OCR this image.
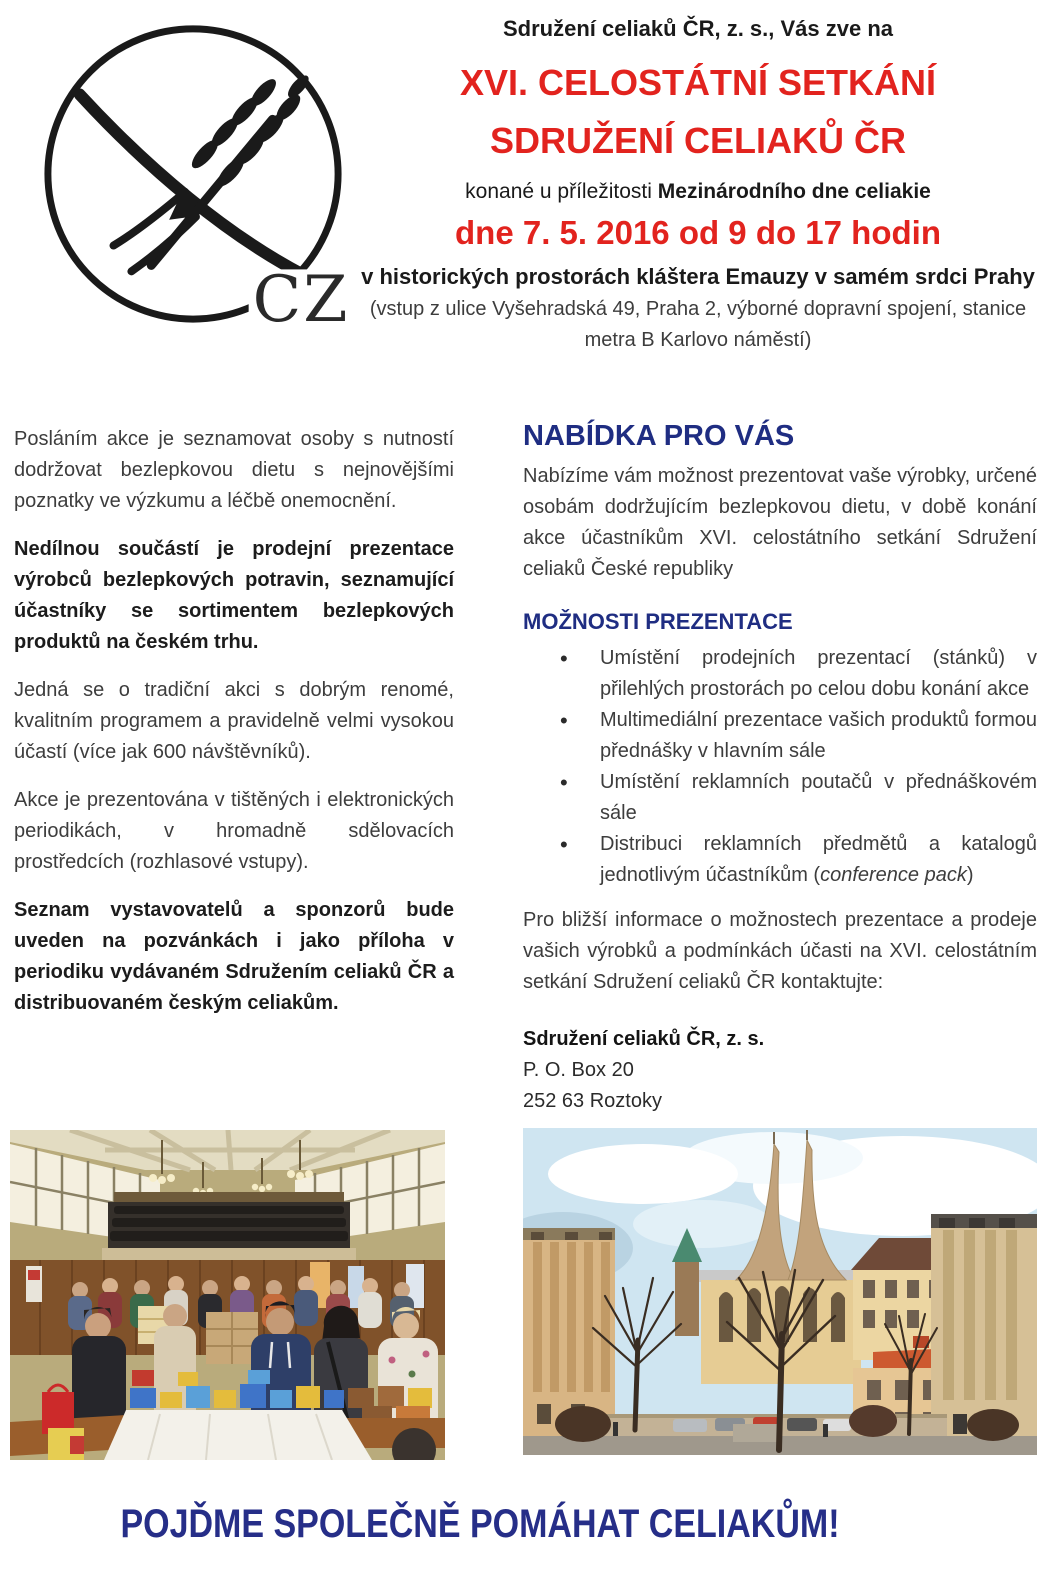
CZ
Sdružení celiaků ČR, z. s., Vás zve na
XVI. CELOSTÁTNÍ SETKÁNÍ
SDRUŽENÍ CELIAKŮ ČR
konané u příležitosti Mezinárodního dne celiakie
dne 7. 5. 2016 od 9 do 17 hodin
v historických prostorách kláštera Emauzy v samém srdci Prahy
(vstup z ulice Vyšehradská 49, Praha 2, výborné dopravní spojení, stanice metra B Karlovo náměstí)

Posláním akce je seznamovat osoby s nutností dodržovat bezlepkovou dietu s nejnovějšími poznatky ve výzkumu a léčbě onemocnění.

Nedílnou součástí je prodejní prezentace výrobců bezlepkových potravin, seznamující účastníky se sortimentem bezlepkových produktů na českém trhu.

Jedná se o tradiční akci s dobrým renomé, kvalitním programem a pravidelně velmi vysokou účastí (více jak 600 návštěvníků).

Akce je prezentována v tištěných i elektronických periodikách, v hromadně sdělovacích prostředcích (rozhlasové vstupy).

Seznam vystavovatelů a sponzorů bude uveden na pozvánkách i jako příloha v periodiku vydávaném Sdružením celiaků ČR a distribuovaném českým celiakům.

NABÍDKA PRO VÁS

Nabízíme vám možnost prezentovat vaše výrobky, určené osobám dodržujícím bezlepkovou dietu, v době konání akce účastníkům XVI. celostátního setkání Sdružení celiaků České republiky

MOŽNOSTI PREZENTACE
• Umístění prodejních prezentací (stánků) v přilehlých prostorách po celou dobu konání akce
• Multimediální prezentace vašich produktů formou přednášky v hlavním sále
• Umístění reklamních poutačů v přednáškovém sále
• Distribuci reklamních předmětů a katalogů jednotlivým účastníkům (conference pack)

Pro bližší informace o možnostech prezentace a prodeje vašich výrobků a podmínkách účasti na XVI. celostátním setkání Sdružení celiaků ČR kontaktujte:

Sdružení celiaků ČR, z. s.
P. O. Box 20
252 63 Roztoky
POJĎME SPOLEČNĚ POMÁHAT CELIAKŮM!
